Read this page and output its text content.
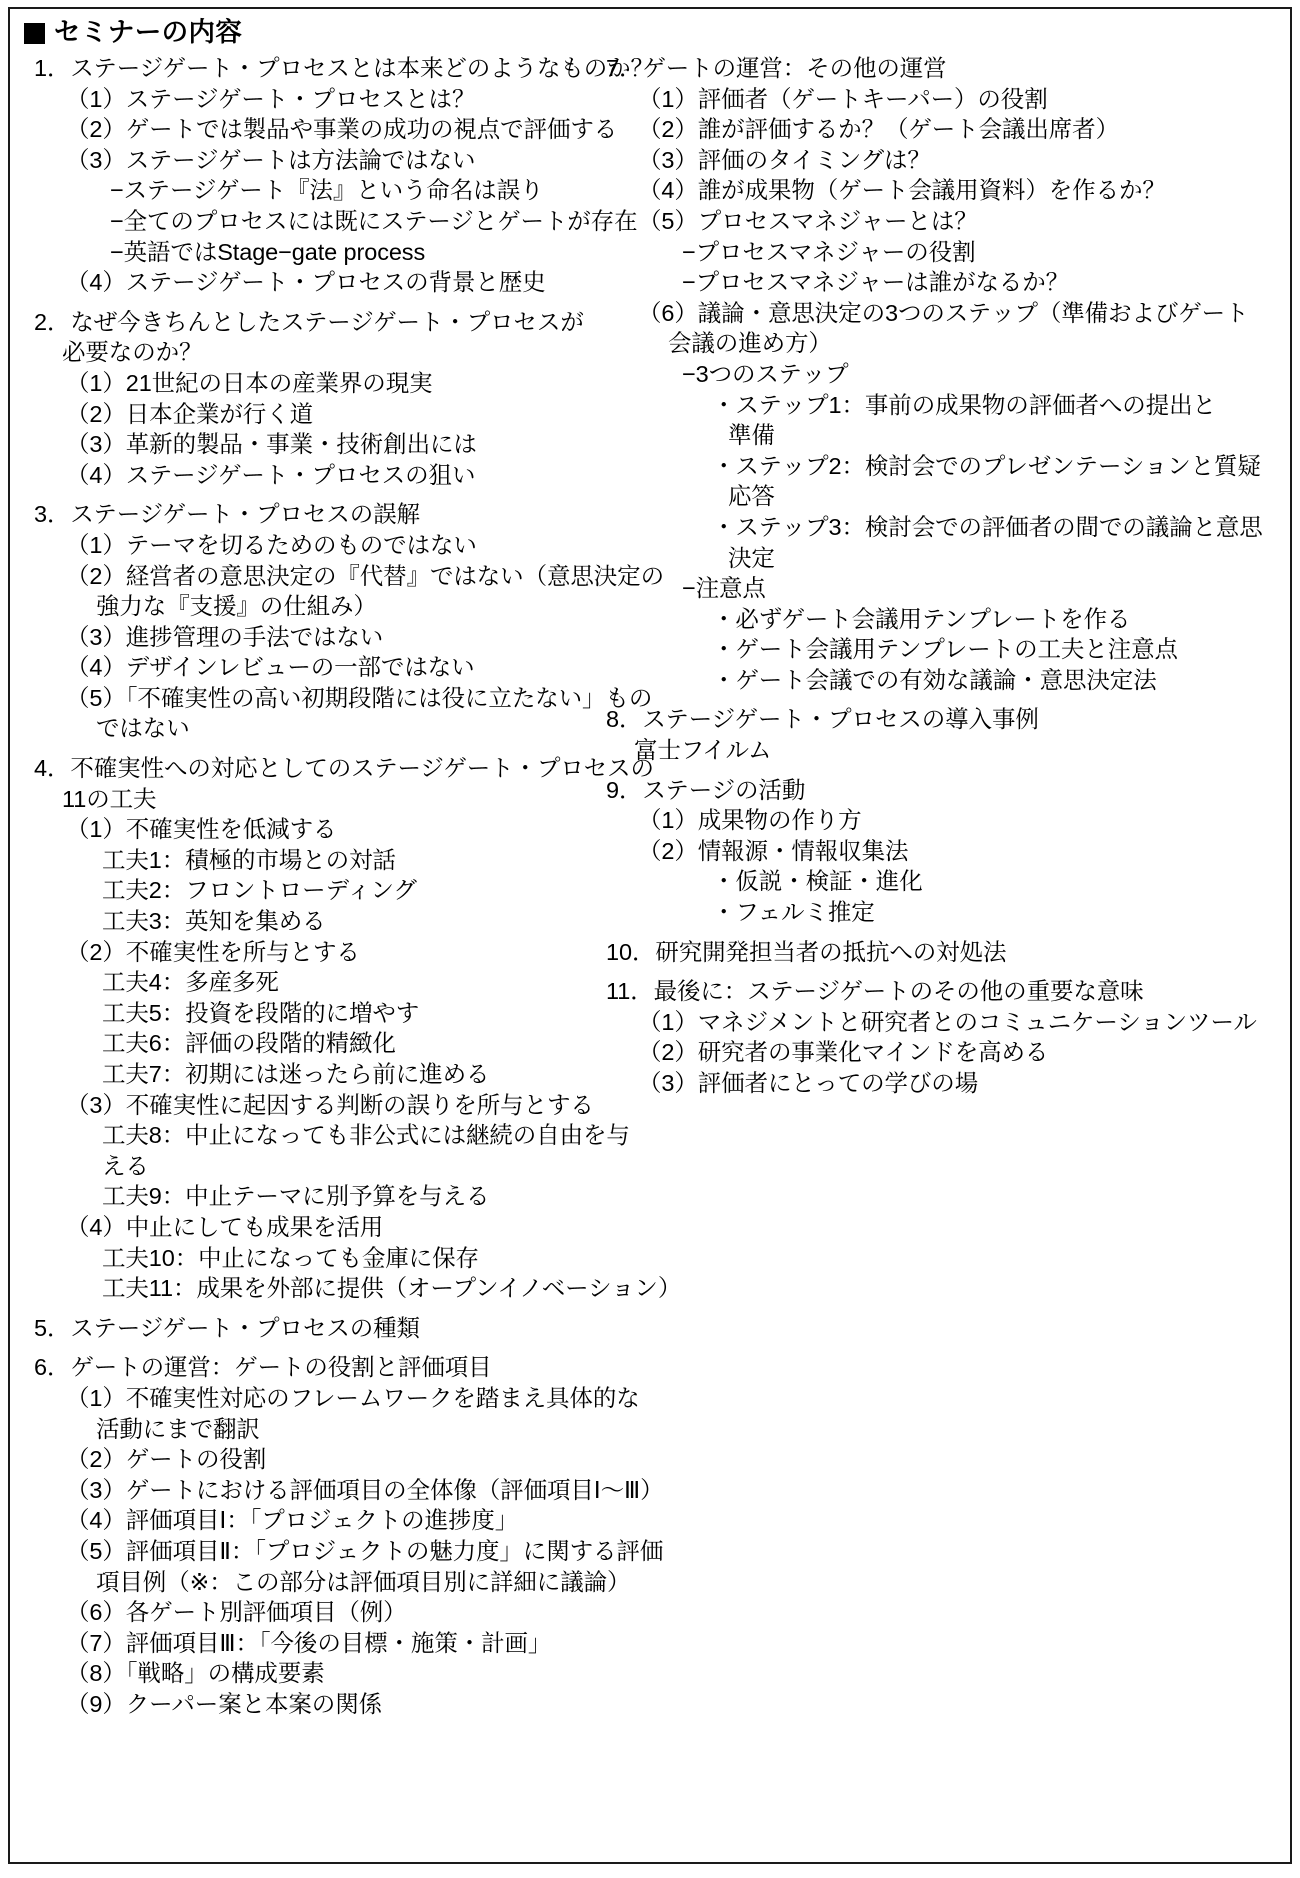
セミナーの内容
1．ステージゲート・プロセスとは本来どのようなものか？
（1）ステージゲート・プロセスとは？
（2）ゲートでは製品や事業の成功の視点で評価する
（3）ステージゲートは方法論ではない
−ステージゲート『法』という命名は誤り
−全てのプロセスには既にステージとゲートが存在
−英語ではStage−gate process
（4）ステージゲート・プロセスの背景と歴史
2．なぜ今きちんとしたステージゲート・プロセスが
必要なのか？
（1）21世紀の日本の産業界の現実
（2）日本企業が行く道
（3）革新的製品・事業・技術創出には
（4）ステージゲート・プロセスの狙い
3．ステージゲート・プロセスの誤解
（1）テーマを切るためのものではない
（2）経営者の意思決定の『代替』ではない（意思決定の
強力な『支援』の仕組み）
（3）進捗管理の手法ではない
（4）デザインレビューの一部ではない
（5）「不確実性の高い初期段階には役に立たない」もの
ではない
4．不確実性への対応としてのステージゲート・プロセスの
11の工夫
（1）不確実性を低減する
工夫1：積極的市場との対話
工夫2：フロントローディング
工夫3：英知を集める
（2）不確実性を所与とする
工夫4：多産多死
工夫5：投資を段階的に増やす
工夫6：評価の段階的精緻化
工夫7：初期には迷ったら前に進める
（3）不確実性に起因する判断の誤りを所与とする
工夫8：中止になっても非公式には継続の自由を与
える
工夫9：中止テーマに別予算を与える
（4）中止にしても成果を活用
工夫10：中止になっても金庫に保存
工夫11：成果を外部に提供（オープンイノベーション）
5．ステージゲート・プロセスの種類
6．ゲートの運営：ゲートの役割と評価項目
（1）不確実性対応のフレームワークを踏まえ具体的な
活動にまで翻訳
（2）ゲートの役割
（3）ゲートにおける評価項目の全体像（評価項目Ⅰ〜Ⅲ）
（4）評価項目Ⅰ：「プロジェクトの進捗度」
（5）評価項目Ⅱ：「プロジェクトの魅力度」に関する評価
項目例（※：この部分は評価項目別に詳細に議論）
（6）各ゲート別評価項目（例）
（7）評価項目Ⅲ：「今後の目標・施策・計画」
（8）「戦略」の構成要素
（9）クーパー案と本案の関係
7．ゲートの運営：その他の運営
（1）評価者（ゲートキーパー）の役割
（2）誰が評価するか？（ゲート会議出席者）
（3）評価のタイミングは？
（4）誰が成果物（ゲート会議用資料）を作るか？
（5）プロセスマネジャーとは？
−プロセスマネジャーの役割
−プロセスマネジャーは誰がなるか？
（6）議論・意思決定の3つのステップ（準備およびゲート
会議の進め方）
−3つのステップ
・ステップ1：事前の成果物の評価者への提出と
準備
・ステップ2：検討会でのプレゼンテーションと質疑
応答
・ステップ3：検討会での評価者の間での議論と意思
決定
−注意点
・必ずゲート会議用テンプレートを作る
・ゲート会議用テンプレートの工夫と注意点
・ゲート会議での有効な議論・意思決定法
8．ステージゲート・プロセスの導入事例
富士フイルム
9．ステージの活動
（1）成果物の作り方
（2）情報源・情報収集法
・仮説・検証・進化
・フェルミ推定
10．研究開発担当者の抵抗への対処法
11．最後に：ステージゲートのその他の重要な意味
（1）マネジメントと研究者とのコミュニケーションツール
（2）研究者の事業化マインドを高める
（3）評価者にとっての学びの場
